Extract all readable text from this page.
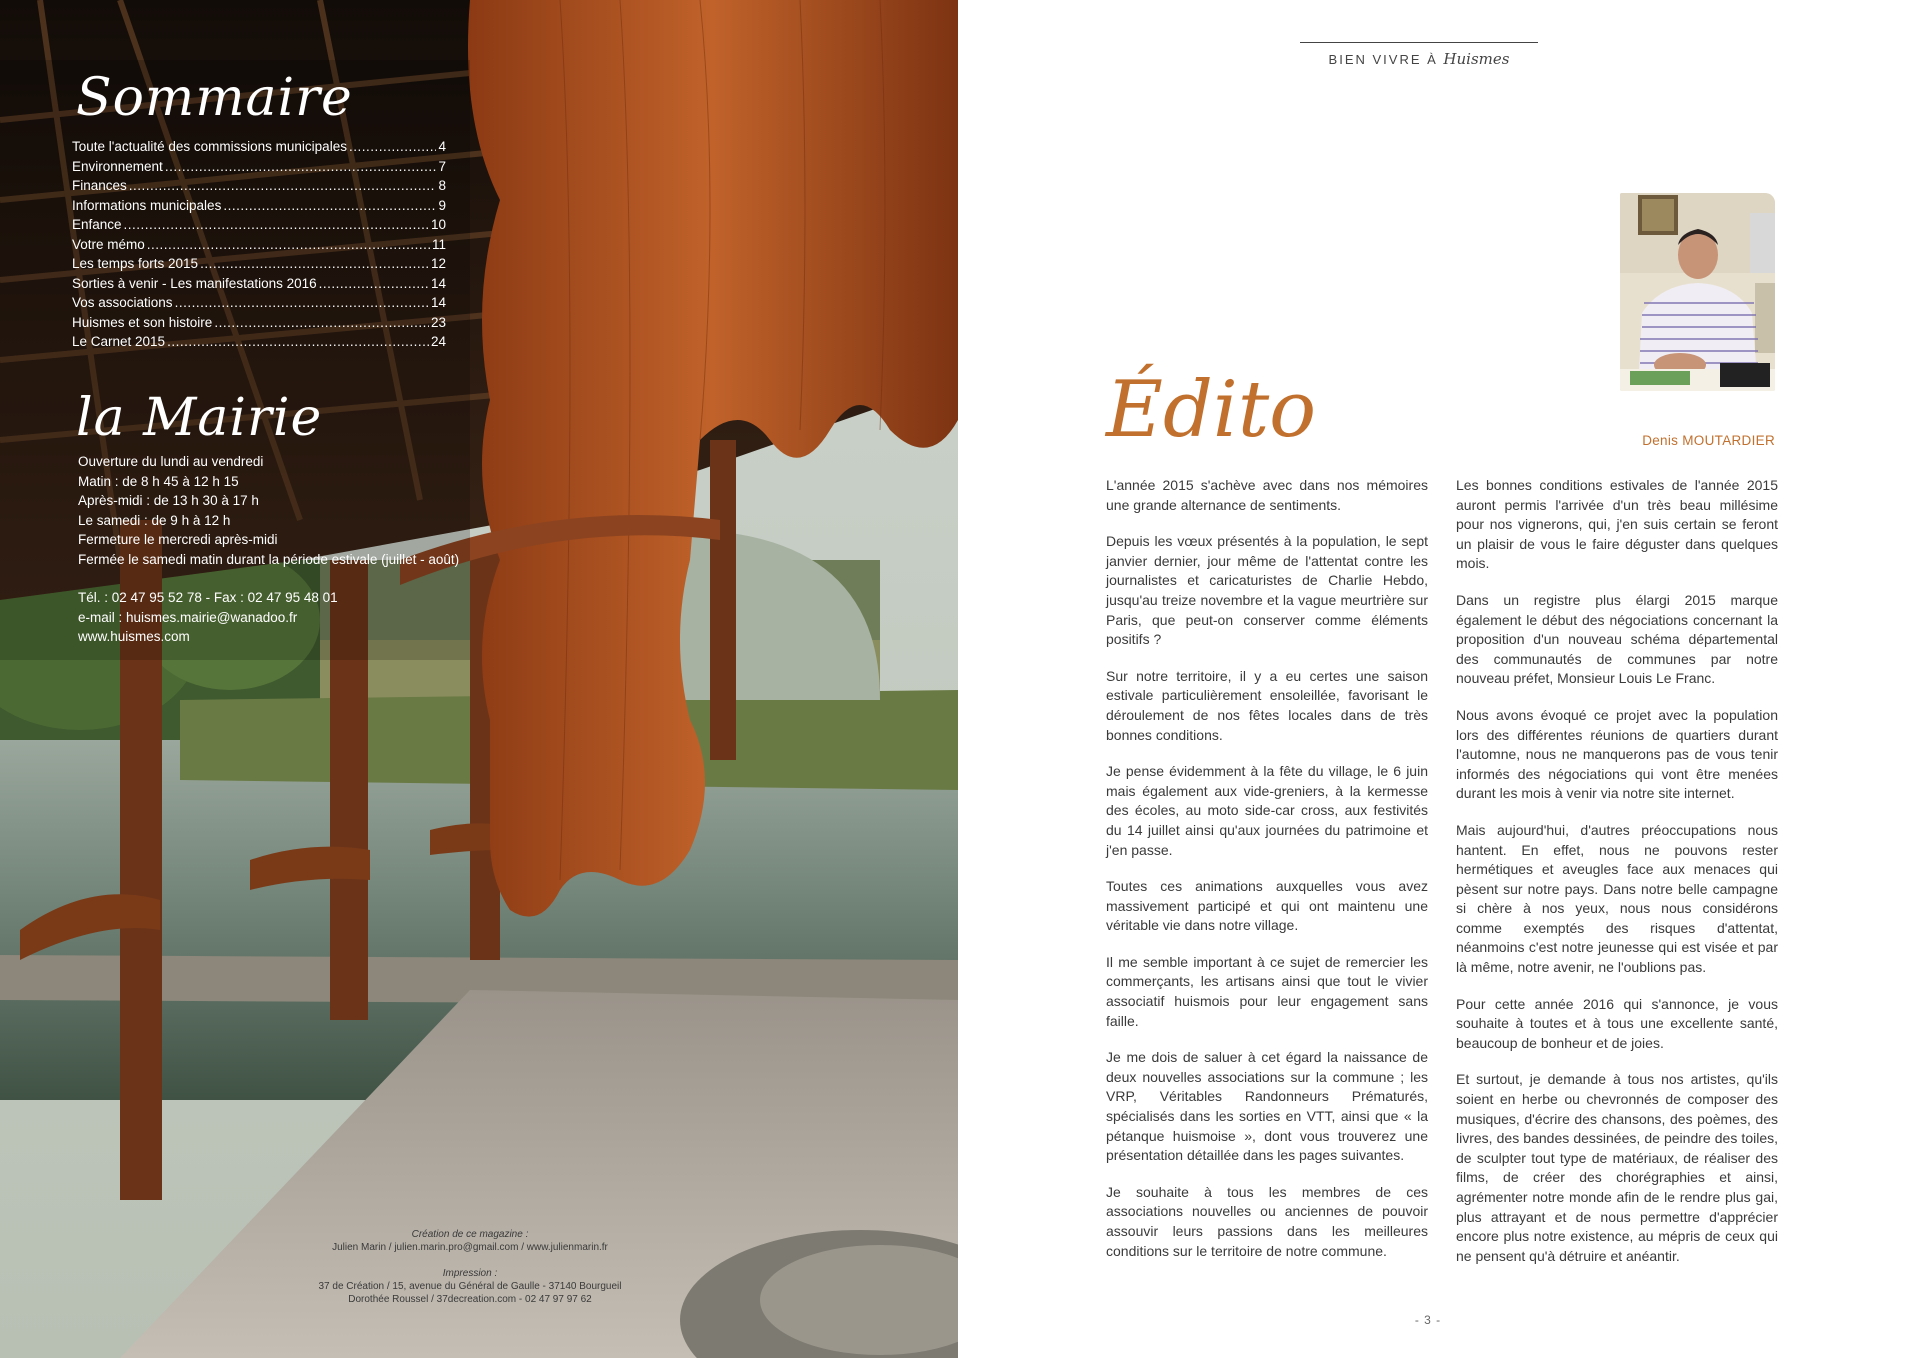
Sommaire
Toute l'actualité des commissions municipales .....	4
Environnement .....	7
Finances .....	8
Informations municipales .....	9
Enfance .....	10
Votre mémo .....	11
Les temps forts 2015 .....	12
Sorties à venir - Les manifestations 2016 .....	14
Vos associations .....	14
Huismes et son histoire .....	23
Le Carnet 2015 .....	24
la Mairie
Ouverture du lundi au vendredi
Matin : de 8 h 45 à 12 h 15
Après-midi : de 13 h 30 à 17 h
Le samedi : de 9 h à 12 h
Fermeture le mercredi après-midi
Fermée le samedi matin durant la période estivale (juillet - août)
Tél. : 02 47 95 52 78 - Fax : 02 47 95 48 01
e-mail : huismes.mairie@wanadoo.fr
www.huismes.com
Création de ce magazine :
Julien Marin / julien.marin.pro@gmail.com / www.julienmarin.fr
Impression :
37 de Création / 15, avenue du Général de Gaulle - 37140 Bourgueil
Dorothée Roussel / 37decreation.com - 02 47 97 97 62
BIEN VIVRE À Huismes
Denis MOUTARDIER
Édito

L'année 2015 s'achève avec dans nos mémoires une grande alternance de sentiments.

Depuis les vœux présentés à la population, le sept janvier dernier, jour même de l'attentat contre les journalistes et caricaturistes de Charlie Hebdo, jusqu'au treize novembre et la vague meurtrière sur Paris, que peut-on conserver comme éléments positifs ?

Sur notre territoire, il y a eu certes une saison estivale particulièrement ensoleillée, favorisant le déroulement de nos fêtes locales dans de très bonnes conditions.

Je pense évidemment à la fête du village, le 6 juin mais également aux vide-greniers, à la kermesse des écoles, au moto side-car cross, aux festivités du 14 juillet ainsi qu'aux journées du patrimoine et j'en passe.

Toutes ces animations auxquelles vous avez massivement participé et qui ont maintenu une véritable vie dans notre village.

Il me semble important à ce sujet de remercier les commerçants, les artisans ainsi que tout le vivier associatif huismois pour leur engagement sans faille.

Je me dois de saluer à cet égard la naissance de deux nouvelles associations sur la commune ; les VRP, Véritables Randonneurs Prématurés, spécialisés dans les sorties en VTT, ainsi que « la pétanque huismoise », dont vous trouverez une présentation détaillée dans les pages suivantes.

Je souhaite à tous les membres de ces associations nouvelles ou anciennes de pouvoir assouvir leurs passions dans les meilleures conditions sur le territoire de notre commune.

Les bonnes conditions estivales de l'année 2015 auront permis l'arrivée d'un très beau millésime pour nos vignerons, qui, j'en suis certain se feront un plaisir de vous le faire déguster dans quelques mois.

Dans un registre plus élargi 2015 marque également le début des négociations concernant la proposition d'un nouveau schéma départemental des communautés de communes par notre nouveau préfet, Monsieur Louis Le Franc.

Nous avons évoqué ce projet avec la population lors des différentes réunions de quartiers durant l'automne, nous ne manquerons pas de vous tenir informés des négociations qui vont être menées durant les mois à venir via notre site internet.

Mais aujourd'hui, d'autres préoccupations nous hantent. En effet, nous ne pouvons rester hermétiques et aveugles face aux menaces qui pèsent sur notre pays. Dans notre belle campagne si chère à nos yeux, nous nous considérons comme exemptés des risques d'attentat, néanmoins c'est notre jeunesse qui est visée et par là même, notre avenir, ne l'oublions pas.

Pour cette année 2016 qui s'annonce, je vous souhaite à toutes et à tous une excellente santé, beaucoup de bonheur et de joies.

Et surtout, je demande à tous nos artistes, qu'ils soient en herbe ou chevronnés de composer des musiques, d'écrire des chansons, des poèmes, des livres, des bandes dessinées, de peindre des toiles, de sculpter tout type de matériaux, de réaliser des films, de créer des chorégraphies et ainsi, agrémenter notre monde afin de le rendre plus gai, plus attrayant et de nous permettre d'apprécier encore plus notre existence, au mépris de ceux qui ne pensent qu'à détruire et anéantir.

- 3 -
